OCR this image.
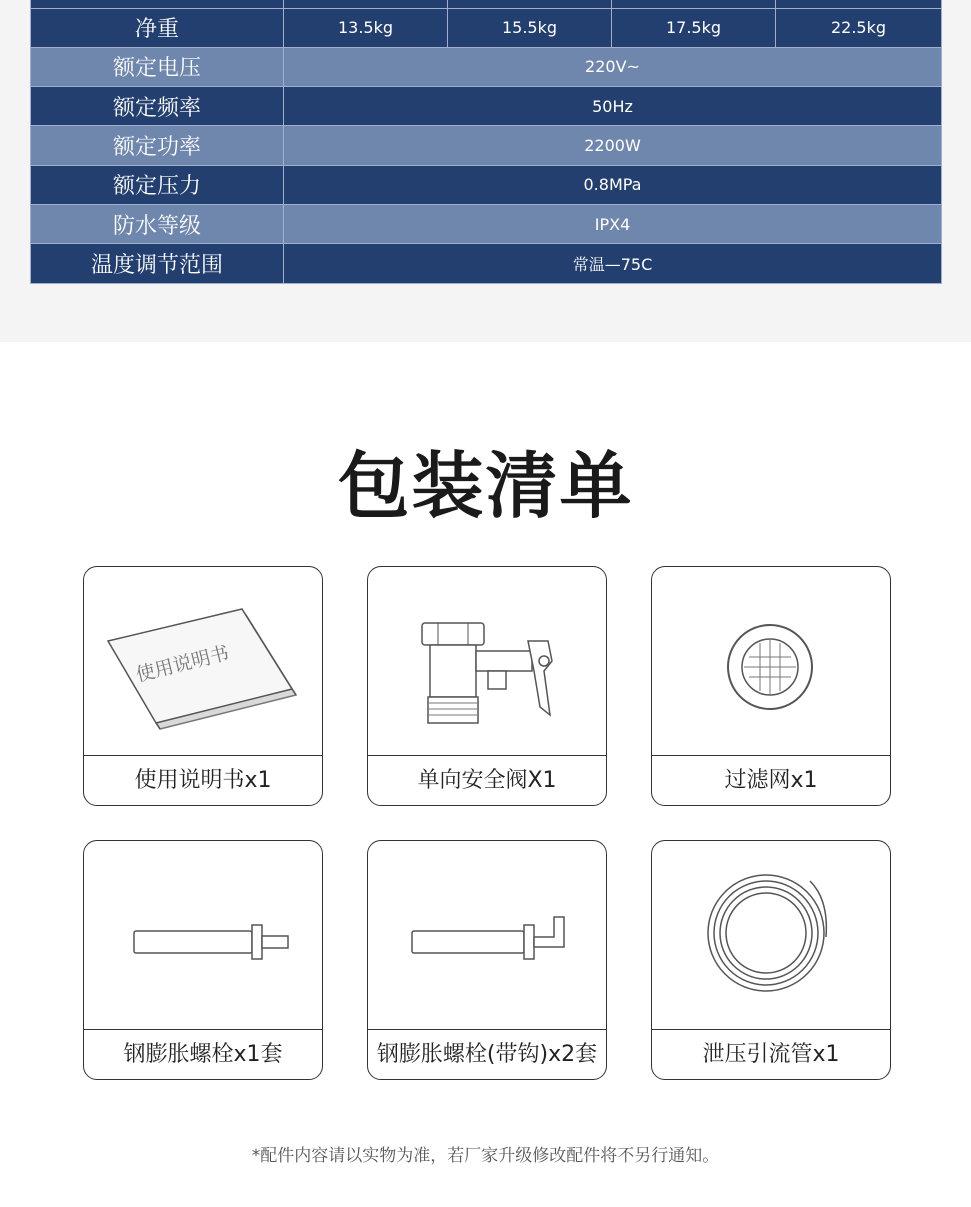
净重	13.5kg	15.5kg	17.5kg	22.5kg
额定电压	220V~			
额定频率	50Hz			
额定功率	2200W			
额定压力	0.8MPa			
防水等级	IPX4			
温度调节范围	常温—75C			
包装清单
使用说明书
使用说明书x1	单向安全阀X1	过滤网x1
钢膨胀螺栓x1套	钢膨胀螺栓(带钩)x2套	泄压引流管x1
*配件内容请以实物为准，若厂家升级修改配件将不另行通知。
